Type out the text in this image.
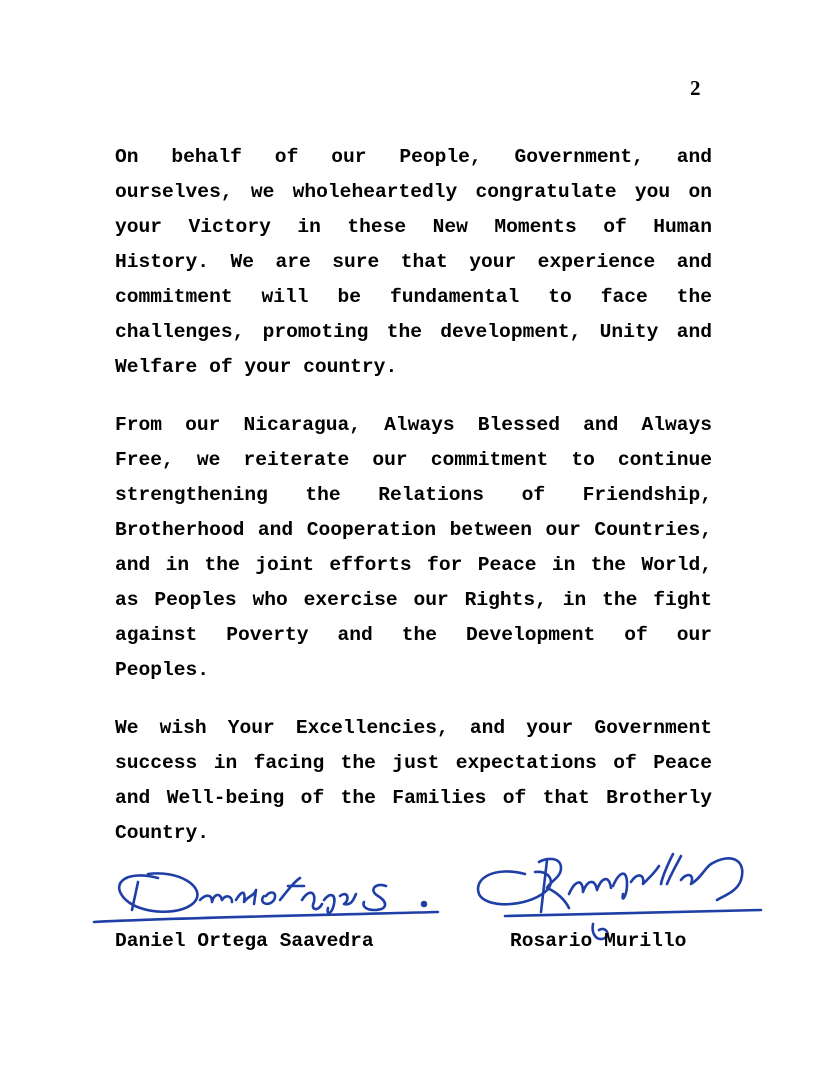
2

On behalf of our People, Government, and ourselves, we wholeheartedly congratulate you on your Victory in these New Moments of Human History. We are sure that your experience and commitment will be fundamental to face the challenges, promoting the development, Unity and Welfare of your country.

From our Nicaragua, Always Blessed and Always Free, we reiterate our commitment to continue strengthening the Relations of Friendship, Brotherhood and Cooperation between our Countries, and in the joint efforts for Peace in the World, as Peoples who exercise our Rights, in the fight against Poverty and the Development of our Peoples.

We wish Your Excellencies, and your Government success in facing the just expectations of Peace and Well-being of the Families of that Brotherly Country.

Daniel Ortega Saavedra	Rosario Murillo
